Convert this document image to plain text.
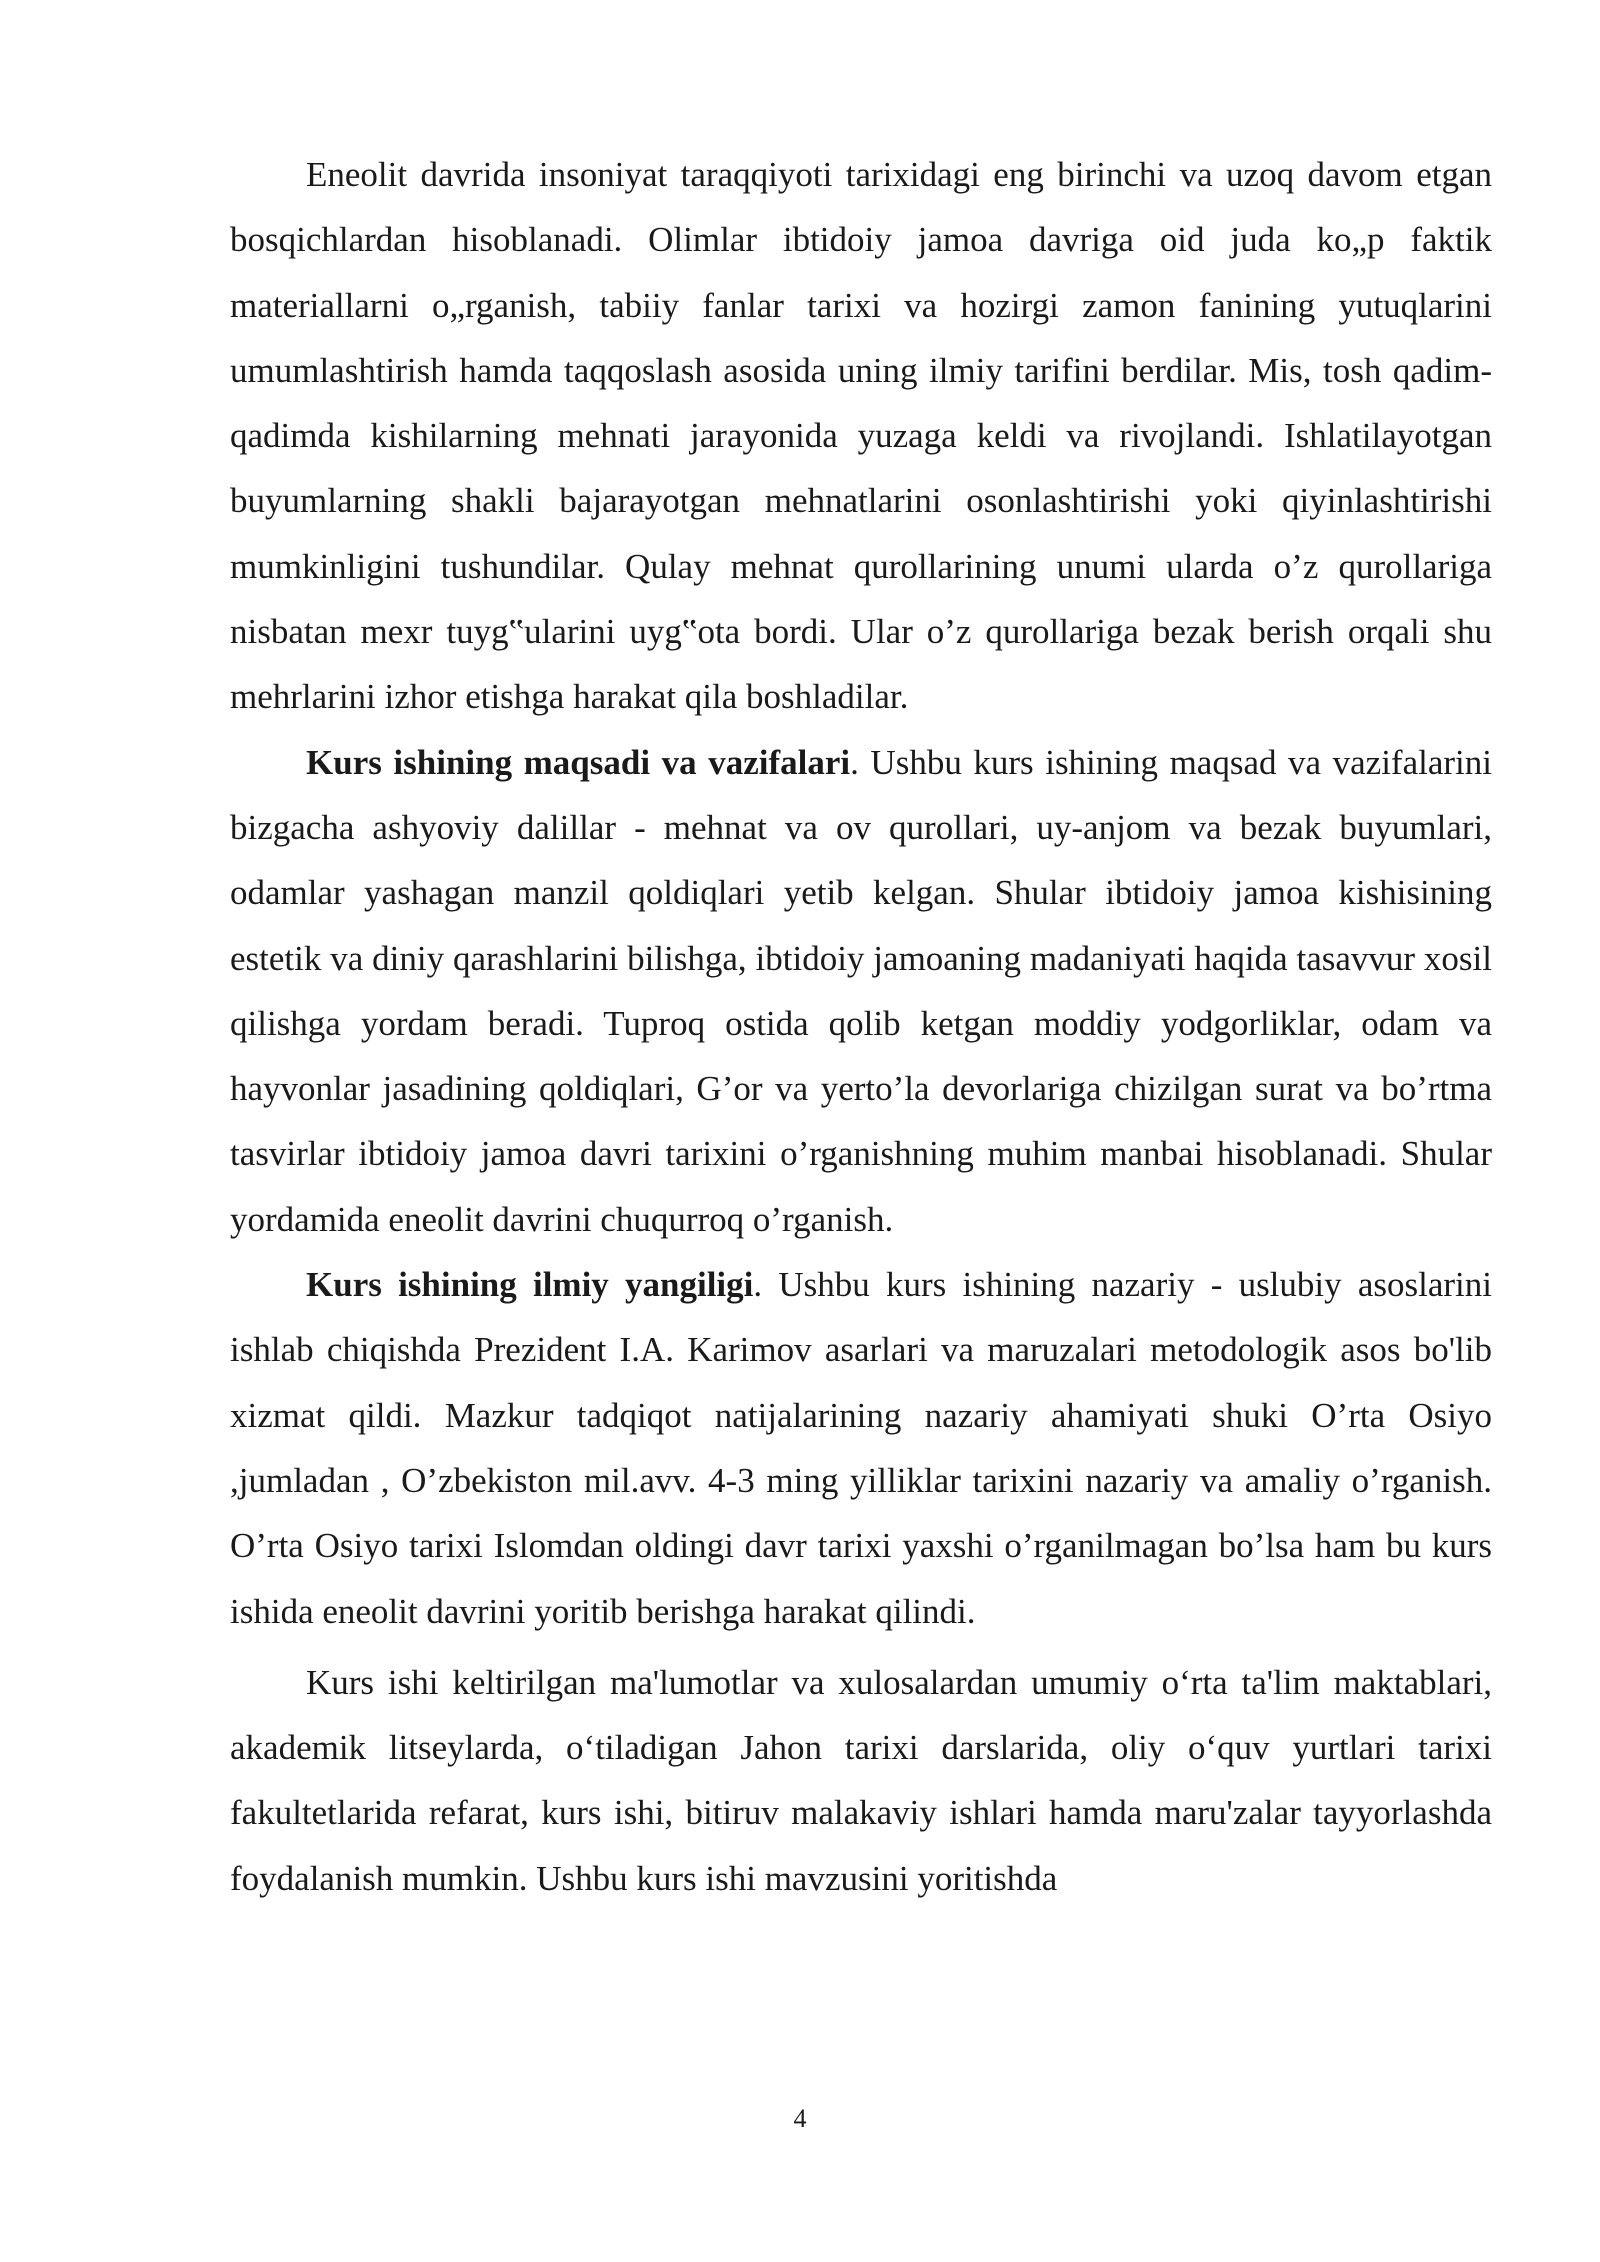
Eneolit davrida insoniyat taraqqiyoti tarixidagi eng birinchi va uzoq davom etgan bosqichlardan hisoblanadi. Olimlar ibtidoiy jamoa davriga oid juda ko„p faktik materiallarni o„rganish, tabiiy fanlar tarixi va hozirgi zamon fanining yutuqlarini umumlashtirish hamda taqqoslash asosida uning ilmiy tarifini berdilar. Mis, tosh qadim-qadimda kishilarning mehnati jarayonida yuzaga keldi va rivojlandi. Ishlatilayotgan buyumlarning shakli bajarayotgan mehnatlarini osonlashtirishi yoki qiyinlashtirishi mumkinligini tushundilar. Qulay mehnat qurollarining unumi ularda o’z qurollariga nisbatan mexr tuyg‟ularini uyg‟ota bordi. Ular o’z qurollariga bezak berish orqali shu mehrlarini izhor etishga harakat qila boshladilar.

Kurs ishining maqsadi va vazifalari. Ushbu kurs ishining maqsad va vazifalarini bizgacha ashyoviy dalillar - mehnat va ov qurollari, uy-anjom va bezak buyumlari, odamlar yashagan manzil qoldiqlari yetib kelgan. Shular ibtidoiy jamoa kishisining estetik va diniy qarashlarini bilishga, ibtidoiy jamoaning madaniyati haqida tasavvur xosil qilishga yordam beradi. Tuproq ostida qolib ketgan moddiy yodgorliklar, odam va hayvonlar jasadining qoldiqlari, G’or va yerto’la devorlariga chizilgan surat va bo’rtma tasvirlar ibtidoiy jamoa davri tarixini o’rganishning muhim manbai hisoblanadi. Shular yordamida eneolit davrini chuqurroq o’rganish.

Kurs ishining ilmiy yangiligi. Ushbu kurs ishining nazariy - uslubiy asoslarini ishlab chiqishda Prezident I.A. Karimov asarlari va maruzalari metodologik asos bo'lib xizmat qildi. Mazkur tadqiqot natijalarining nazariy ahamiyati shuki O’rta Osiyo ,jumladan , O’zbekiston mil.avv. 4-3 ming yilliklar tarixini nazariy va amaliy o’rganish. O’rta Osiyo tarixi Islomdan oldingi davr tarixi yaxshi o’rganilmagan bo’lsa ham bu kurs ishida eneolit davrini yoritib berishga harakat qilindi.

Kurs ishi keltirilgan ma'lumotlar va xulosalardan umumiy o‘rta ta'lim maktablari, akademik litseylarda, o‘tiladigan Jahon tarixi darslarida, oliy o‘quv yurtlari tarixi fakultetlarida refarat, kurs ishi, bitiruv malakaviy ishlari hamda maru'zalar tayyorlashda foydalanish mumkin. Ushbu kurs ishi mavzusini yoritishda

4
